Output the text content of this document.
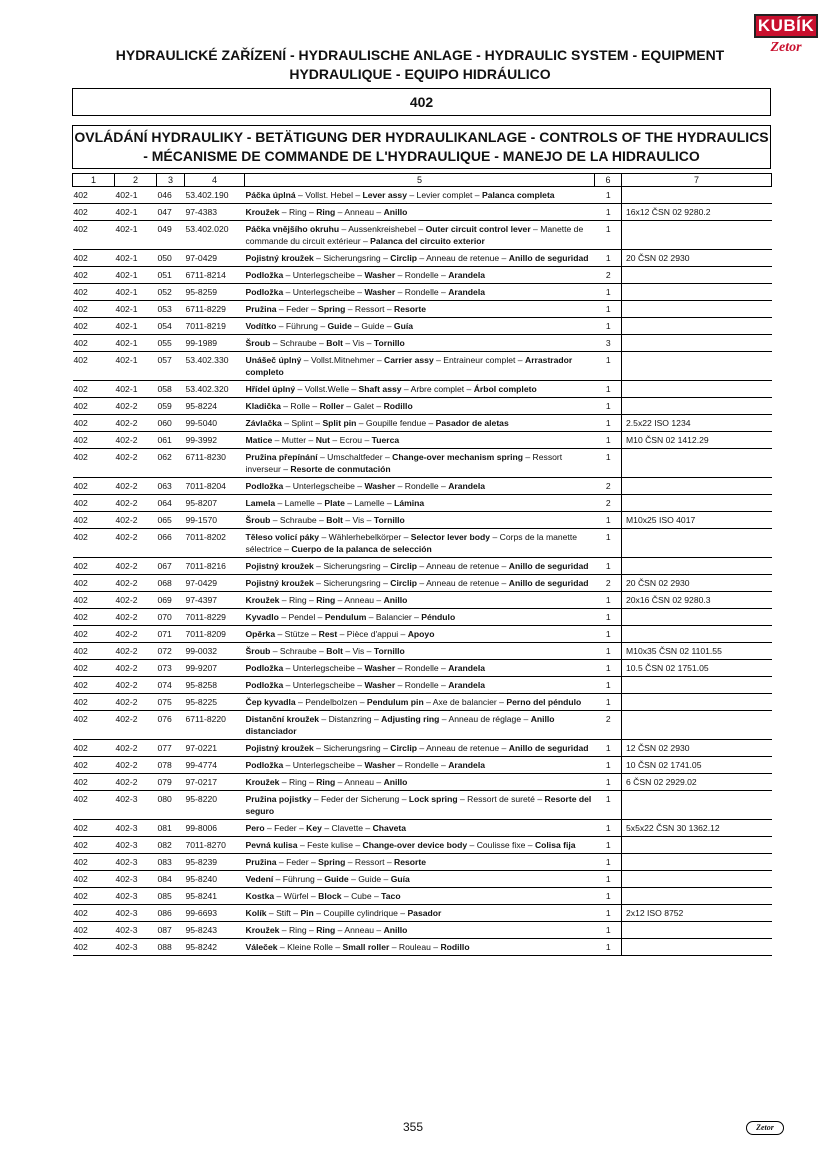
KUBÍK
Zetor
HYDRAULICKÉ ZAŘÍZENÍ - HYDRAULISCHE ANLAGE - HYDRAULIC SYSTEM - EQUIPMENT
HYDRAULIQUE - EQUIPO HIDRÁULICO
402
OVLÁDÁNÍ HYDRAULIKY - BETÄTIGUNG DER HYDRAULIKANLAGE - CONTROLS OF THE HYDRAULICS
- MÉCANISME DE COMMANDE DE L'HYDRAULIQUE - MANEJO DE LA HIDRAULICO
1	2	3	4	5	6	7
402	402-1	046	53.402.190	Páčka úplná – Vollst. Hebel – Lever assy – Levier complet – Palanca completa	1	
402	402-1	047	97-4383	Kroužek – Ring – Ring – Anneau – Anillo	1	16x12 ČSN 02 9280.2
402	402-1	049	53.402.020	Páčka vnějšího okruhu – Aussenkreishebel – Outer circuit control lever – Manette de commande du circuit extérieur – Palanca del circuito exterior	1	
402	402-1	050	97-0429	Pojistný kroužek – Sicherungsring – Circlip – Anneau de retenue – Anillo de seguridad	1	20 ČSN 02 2930
402	402-1	051	6711-8214	Podložka – Unterlegscheibe – Washer – Rondelle – Arandela	2	
402	402-1	052	95-8259	Podložka – Unterlegscheibe – Washer – Rondelle – Arandela	1	
402	402-1	053	6711-8229	Pružina – Feder – Spring – Ressort – Resorte	1	
402	402-1	054	7011-8219	Vodítko – Führung – Guide – Guide – Guía	1	
402	402-1	055	99-1989	Šroub – Schraube – Bolt – Vis – Tornillo	3	
402	402-1	057	53.402.330	Unášeč úplný – Vollst.Mitnehmer – Carrier assy – Entraineur complet – Arrastrador completo	1	
402	402-1	058	53.402.320	Hřídel úplný – Vollst.Welle – Shaft assy – Arbre complet – Árbol completo	1	
402	402-2	059	95-8224	Kladička – Rolle – Roller – Galet – Rodillo	1	
402	402-2	060	99-5040	Závlačka – Splint – Split pin – Goupille fendue – Pasador de aletas	1	2.5x22 ISO 1234
402	402-2	061	99-3992	Matice – Mutter – Nut – Ecrou – Tuerca	1	M10 ČSN 02 1412.29
402	402-2	062	6711-8230	Pružina přepínání – Umschaltfeder – Change-over mechanism spring – Ressort inverseur – Resorte de conmutación	1	
402	402-2	063	7011-8204	Podložka – Unterlegscheibe – Washer – Rondelle – Arandela	2	
402	402-2	064	95-8207	Lamela – Lamelle – Plate – Lamelle – Lámina	2	
402	402-2	065	99-1570	Šroub – Schraube – Bolt – Vis – Tornillo	1	M10x25 ISO 4017
402	402-2	066	7011-8202	Těleso volicí páky – Wählerhebelkörper – Selector lever body – Corps de la manette sélectrice – Cuerpo de la palanca de selección	1	
402	402-2	067	7011-8216	Pojistný kroužek – Sicherungsring – Circlip – Anneau de retenue – Anillo de seguridad	1	
402	402-2	068	97-0429	Pojistný kroužek – Sicherungsring – Circlip – Anneau de retenue – Anillo de seguridad	2	20 ČSN 02 2930
402	402-2	069	97-4397	Kroužek – Ring – Ring – Anneau – Anillo	1	20x16 ČSN 02 9280.3
402	402-2	070	7011-8229	Kyvadlo – Pendel – Pendulum – Balancier – Péndulo	1	
402	402-2	071	7011-8209	Opěrka – Stütze – Rest – Pièce d'appui – Apoyo	1	
402	402-2	072	99-0032	Šroub – Schraube – Bolt – Vis – Tornillo	1	M10x35 ČSN 02 1101.55
402	402-2	073	99-9207	Podložka – Unterlegscheibe – Washer – Rondelle – Arandela	1	10.5 ČSN 02 1751.05
402	402-2	074	95-8258	Podložka – Unterlegscheibe – Washer – Rondelle – Arandela	1	
402	402-2	075	95-8225	Čep kyvadla – Pendelbolzen – Pendulum pin – Axe de balancier – Perno del péndulo	1	
402	402-2	076	6711-8220	Distanční kroužek – Distanzring – Adjusting ring – Anneau de réglage – Anillo distanciador	2	
402	402-2	077	97-0221	Pojistný kroužek – Sicherungsring – Circlip – Anneau de retenue – Anillo de seguridad	1	12 ČSN 02 2930
402	402-2	078	99-4774	Podložka – Unterlegscheibe – Washer – Rondelle – Arandela	1	10 ČSN 02 1741.05
402	402-2	079	97-0217	Kroužek – Ring – Ring – Anneau – Anillo	1	6 ČSN 02 2929.02
402	402-3	080	95-8220	Pružina pojistky – Feder der Sicherung – Lock spring – Ressort de sureté – Resorte del seguro	1	
402	402-3	081	99-8006	Pero – Feder – Key – Clavette – Chaveta	1	5x5x22 ČSN 30 1362.12
402	402-3	082	7011-8270	Pevná kulisa – Feste kulise – Change-over device body – Coulisse fixe – Colisa fija	1	
402	402-3	083	95-8239	Pružina – Feder – Spring – Ressort – Resorte	1	
402	402-3	084	95-8240	Vedení – Führung – Guide – Guide – Guía	1	
402	402-3	085	95-8241	Kostka – Würfel – Block – Cube – Taco	1	
402	402-3	086	99-6693	Kolík – Stift – Pin – Coupille cylindrique – Pasador	1	2x12 ISO 8752
402	402-3	087	95-8243	Kroužek – Ring – Ring – Anneau – Anillo	1	
402	402-3	088	95-8242	Váleček – Kleine Rolle – Small roller – Rouleau – Rodillo	1	
355	Zetor
